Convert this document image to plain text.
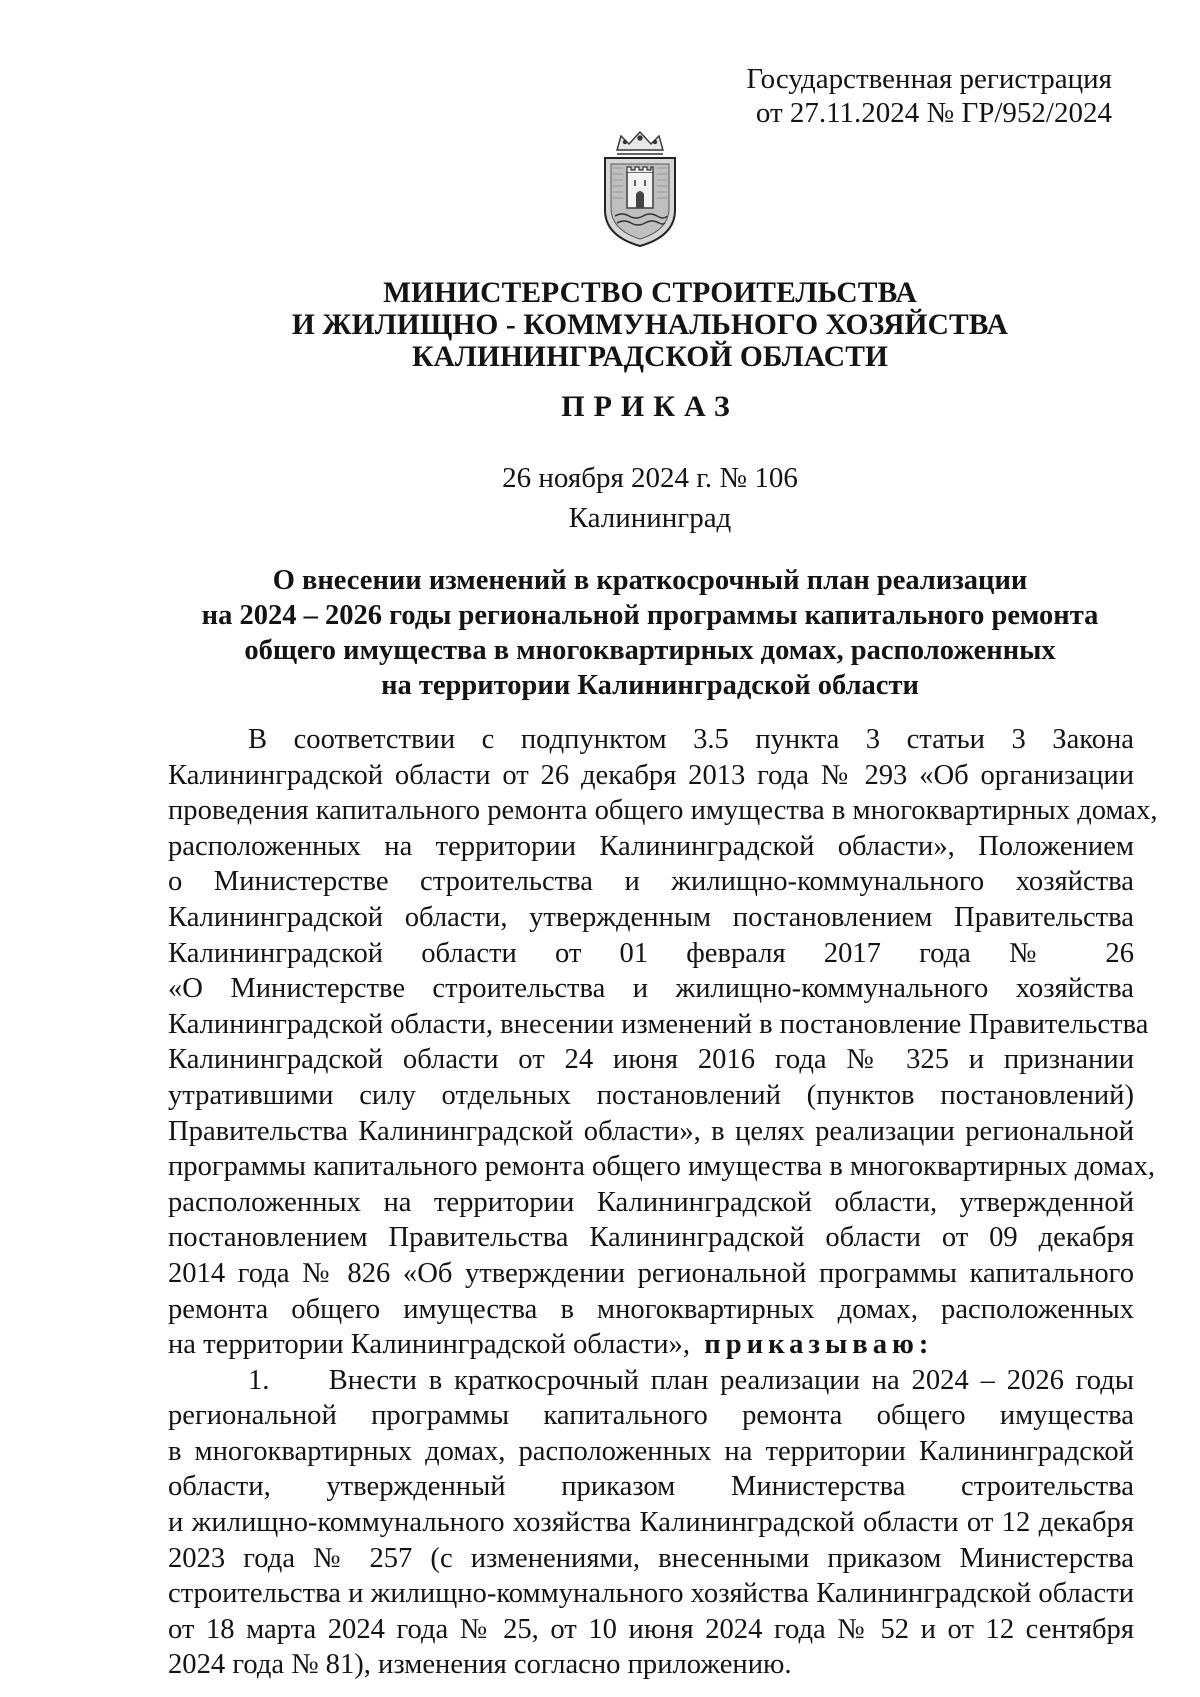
Государственная регистрация
от 27.11.2024 № ГР/952/2024
МИНИСТЕРСТВО СТРОИТЕЛЬСТВА
И ЖИЛИЩНО - КОММУНАЛЬНОГО ХОЗЯЙСТВА
КАЛИНИНГРАДСКОЙ ОБЛАСТИ
ПРИКАЗ
26 ноября 2024 г. № 106
Калининград
О внесении изменений в краткосрочный план реализации
на 2024 – 2026 годы региональной программы капитального ремонта
общего имущества в многоквартирных домах, расположенных
на территории Калининградской области
В соответствии с подпунктом 3.5 пункта 3 статьи 3 Закона
Калининградской области от 26 декабря 2013 года № 293 «Об организации
проведения капитального ремонта общего имущества в многоквартирных домах,
расположенных на территории Калининградской области», Положением
о Министерстве строительства и жилищно-коммунального хозяйства
Калининградской области, утвержденным постановлением Правительства
Калининградской области от 01 февраля 2017 года № 26
«О Министерстве строительства и жилищно-коммунального хозяйства
Калининградской области, внесении изменений в постановление Правительства
Калининградской области от 24 июня 2016 года № 325 и признании
утратившими силу отдельных постановлений (пунктов постановлений)
Правительства Калининградской области», в целях реализации региональной
программы капитального ремонта общего имущества в многоквартирных домах,
расположенных на территории Калининградской области, утвержденной
постановлением Правительства Калининградской области от 09 декабря
2014 года № 826 «Об утверждении региональной программы капитального
ремонта общего имущества в многоквартирных домах, расположенных
на территории Калининградской области», приказываю:
1.     Внести в краткосрочный план реализации на 2024 – 2026 годы
региональной программы капитального ремонта общего имущества
в многоквартирных домах, расположенных на территории Калининградской
области, утвержденный приказом Министерства строительства
и жилищно-коммунального хозяйства Калининградской области от 12 декабря
2023 года № 257 (с изменениями, внесенными приказом Министерства
строительства и жилищно-коммунального хозяйства Калининградской области
от 18 марта 2024 года № 25, от 10 июня 2024 года № 52 и от 12 сентября
2024 года № 81), изменения согласно приложению.
